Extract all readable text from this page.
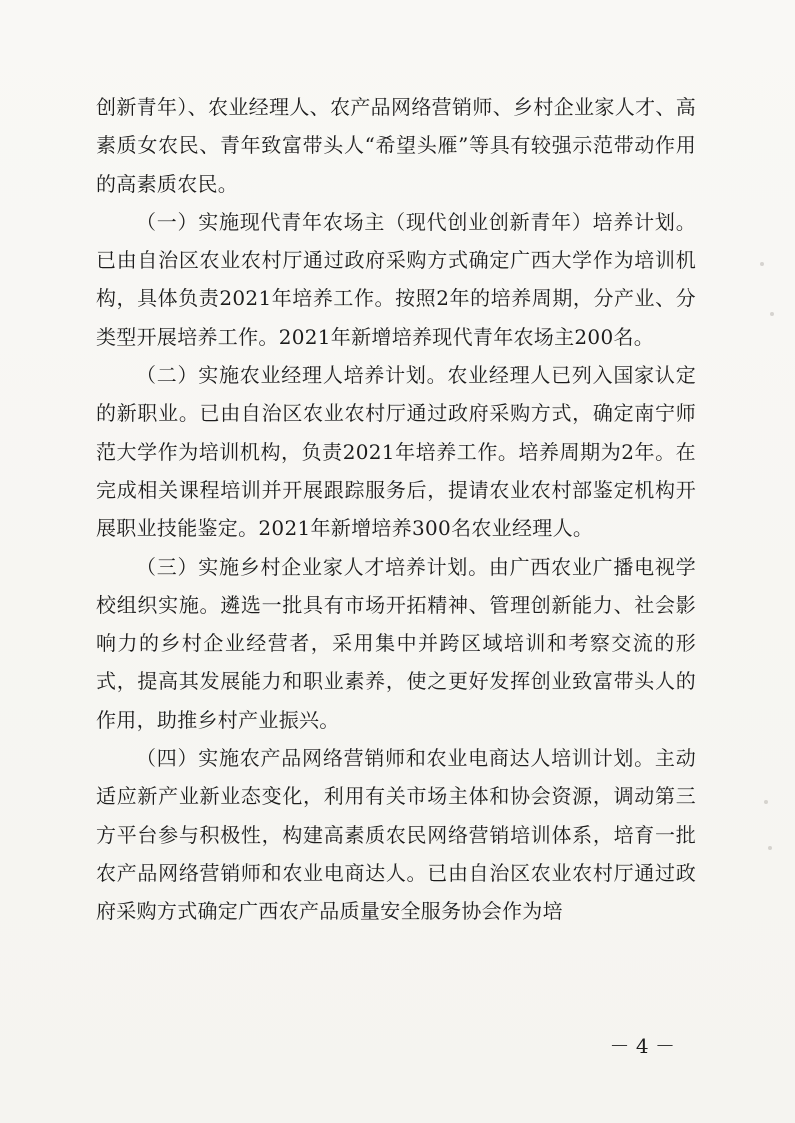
创新青年）、农业经理人、农产品网络营销师、乡村企业家人才、高素质女农民、青年致富带头人“希望头雁”等具有较强示范带动作用的高素质农民。

（一）实施现代青年农场主（现代创业创新青年）培养计划。已由自治区农业农村厅通过政府采购方式确定广西大学作为培训机构，具体负责2021年培养工作。按照2年的培养周期，分产业、分类型开展培养工作。2021年新增培养现代青年农场主200名。

（二）实施农业经理人培养计划。农业经理人已列入国家认定的新职业。已由自治区农业农村厅通过政府采购方式，确定南宁师范大学作为培训机构，负责2021年培养工作。培养周期为2年。在完成相关课程培训并开展跟踪服务后，提请农业农村部鉴定机构开展职业技能鉴定。2021年新增培养300名农业经理人。

（三）实施乡村企业家人才培养计划。由广西农业广播电视学校组织实施。遴选一批具有市场开拓精神、管理创新能力、社会影响力的乡村企业经营者，采用集中并跨区域培训和考察交流的形式，提高其发展能力和职业素养，使之更好发挥创业致富带头人的作用，助推乡村产业振兴。

（四）实施农产品网络营销师和农业电商达人培训计划。主动适应新产业新业态变化，利用有关市场主体和协会资源，调动第三方平台参与积极性，构建高素质农民网络营销培训体系，培育一批农产品网络营销师和农业电商达人。已由自治区农业农村厅通过政府采购方式确定广西农产品质量安全服务协会作为培

－ 4 －
